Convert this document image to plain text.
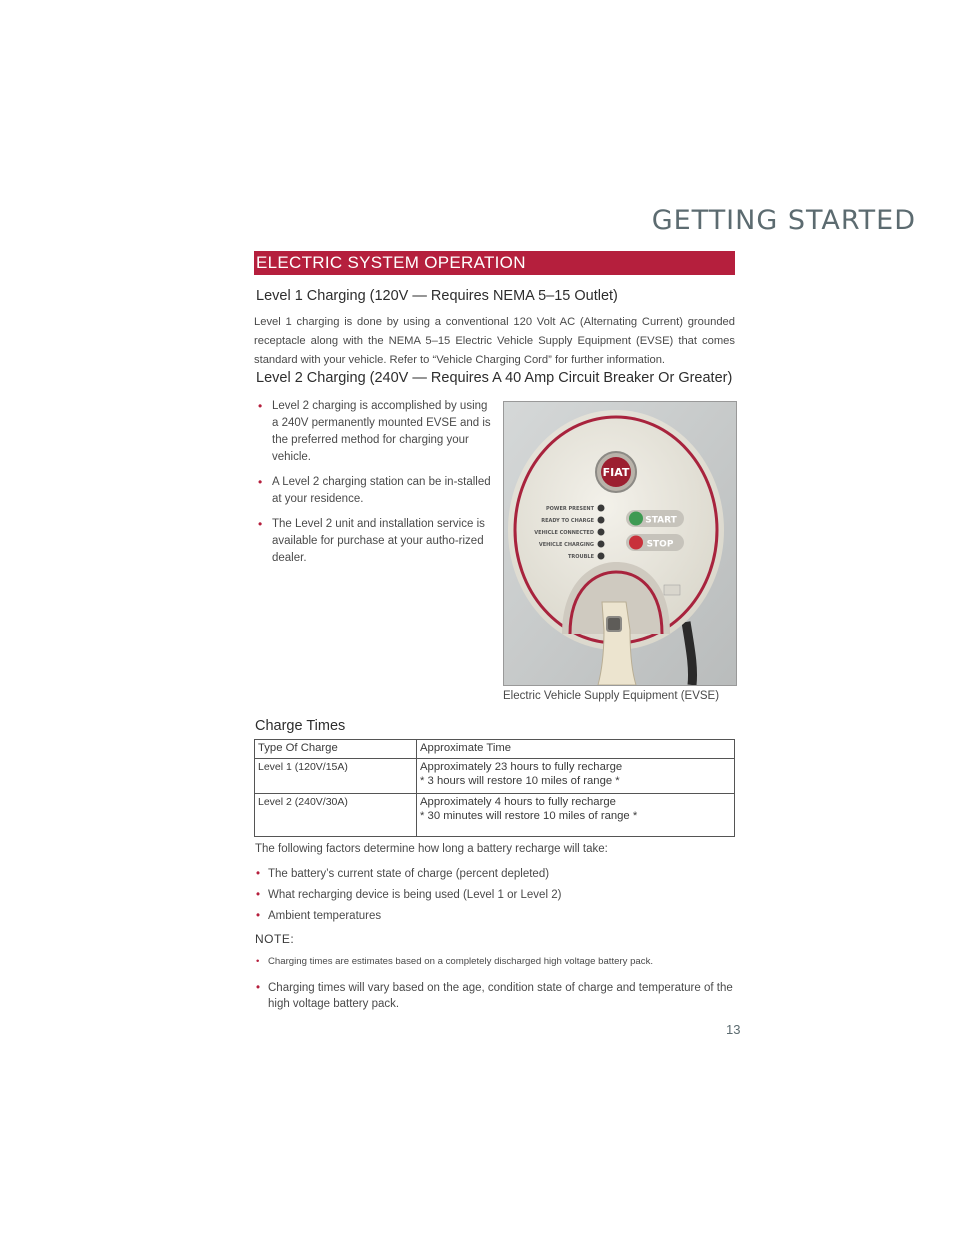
GETTING STARTED
ELECTRIC SYSTEM OPERATION
Level 1 Charging (120V — Requires NEMA 5–15 Outlet)
Level 1 charging is done by using a conventional 120 Volt AC (Alternating Current) grounded receptacle along with the NEMA 5–15 Electric Vehicle Supply Equipment (EVSE) that comes standard with your vehicle. Refer to “Vehicle Charging Cord” for further information.
Level 2 Charging (240V — Requires A 40 Amp Circuit Breaker Or Greater)
• Level 2 charging is accomplished by using a 240V permanently mounted EVSE and is the preferred method for charging your vehicle.
• A Level 2 charging station can be in-stalled at your residence.
• The Level 2 unit and installation service is available for purchase at your autho-rized dealer.
FIAT
POWER PRESENT
READY TO CHARGE
VEHICLE CONNECTED
VEHICLE CHARGING
TROUBLE
START
STOP
Electric Vehicle Supply Equipment (EVSE)
Charge Times
Type Of Charge	Approximate Time
Level 1 (120V/15A)	Approximately 23 hours to fully recharge
* 3 hours will restore 10 miles of range *

Level 2 (240V/30A)	Approximately 4 hours to fully recharge
* 30 minutes will restore 10 miles of range *
The following factors determine how long a battery recharge will take:
• The battery’s current state of charge (percent depleted)
• What recharging device is being used (Level 1 or Level 2)
• Ambient temperatures
NOTE:
• Charging times are estimates based on a completely discharged high voltage battery pack.
• Charging times will vary based on the age, condition state of charge and temperature of the high voltage battery pack.
13
